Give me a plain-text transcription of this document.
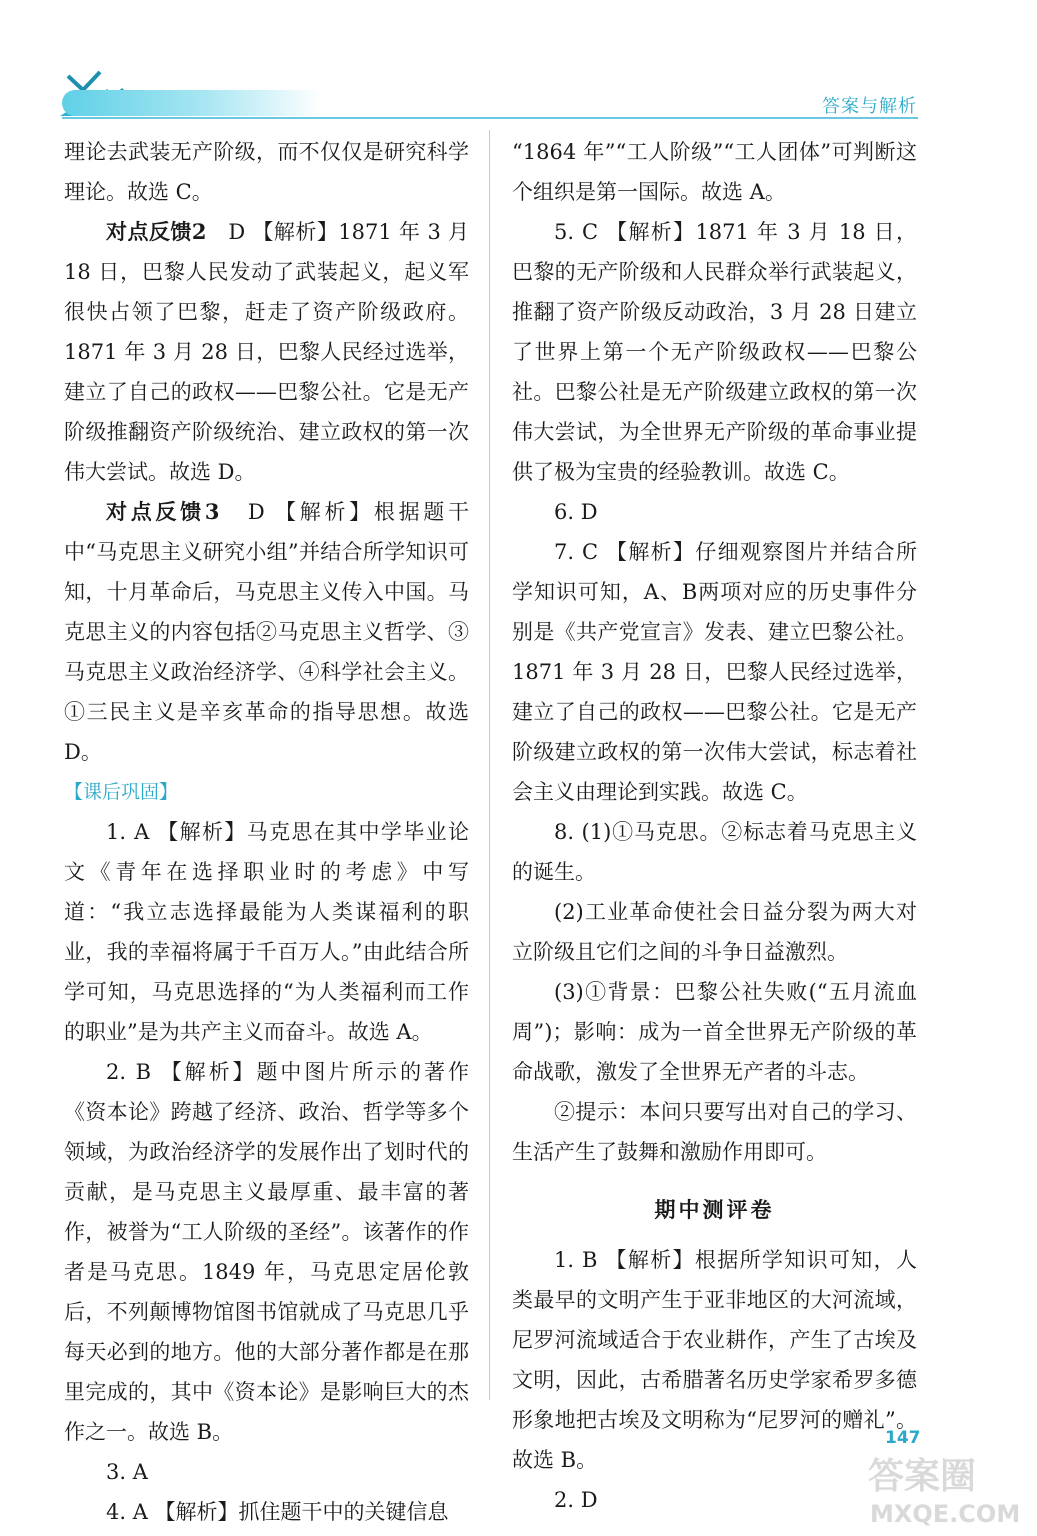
答案与解析

理论去武装无产阶级，而不仅仅是研究科学理论。故选 C。

对点反馈2　D 【解析】1871 年 3 月 18 日，巴黎人民发动了武装起义，起义军很快占领了巴黎，赶走了资产阶级政府。1871 年 3 月 28 日，巴黎人民经过选举，建立了自己的政权——巴黎公社。它是无产阶级推翻资产阶级统治、建立政权的第一次伟大尝试。故选 D。

对点反馈3　D 【解析】根据题干中“马克思主义研究小组”并结合所学知识可知，十月革命后，马克思主义传入中国。马克思主义的内容包括②马克思主义哲学、③马克思主义政治经济学、④科学社会主义。①三民主义是辛亥革命的指导思想。故选 D。

【课后巩固】

1. A 【解析】马克思在其中学毕业论文《青年在选择职业时的考虑》中写道：“我立志选择最能为人类谋福利的职业，我的幸福将属于千百万人。”由此结合所学可知，马克思选择的“为人类福利而工作的职业”是为共产主义而奋斗。故选 A。

2. B 【解析】题中图片所示的著作《资本论》跨越了经济、政治、哲学等多个领域，为政治经济学的发展作出了划时代的贡献，是马克思主义最厚重、最丰富的著作，被誉为“工人阶级的圣经”。该著作的作者是马克思。1849 年，马克思定居伦敦后，不列颠博物馆图书馆就成了马克思几乎每天必到的地方。他的大部分著作都是在那里完成的，其中《资本论》是影响巨大的杰作之一。故选 B。

3. A

4. A 【解析】抓住题干中的关键信息

“1864 年”“工人阶级”“工人团体”可判断这个组织是第一国际。故选 A。

5. C 【解析】1871 年 3 月 18 日，巴黎的无产阶级和人民群众举行武装起义，推翻了资产阶级反动政治，3 月 28 日建立了世界上第一个无产阶级政权——巴黎公社。巴黎公社是无产阶级建立政权的第一次伟大尝试，为全世界无产阶级的革命事业提供了极为宝贵的经验教训。故选 C。

6. D

7. C 【解析】仔细观察图片并结合所学知识可知，A、B两项对应的历史事件分别是《共产党宣言》发表、建立巴黎公社。1871 年 3 月 28 日，巴黎人民经过选举，建立了自己的政权——巴黎公社。它是无产阶级建立政权的第一次伟大尝试，标志着社会主义由理论到实践。故选 C。

8. (1)①马克思。②标志着马克思主义的诞生。

(2)工业革命使社会日益分裂为两大对立阶级且它们之间的斗争日益激烈。

(3)①背景：巴黎公社失败(“五月流血周”)；影响：成为一首全世界无产阶级的革命战歌，激发了全世界无产者的斗志。

②提示：本问只要写出对自己的学习、生活产生了鼓舞和激励作用即可。

期中测评卷

1. B 【解析】根据所学知识可知，人类最早的文明产生于亚非地区的大河流域，尼罗河流域适合于农业耕作，产生了古埃及文明，因此，古希腊著名历史学家希罗多德形象地把古埃及文明称为“尼罗河的赠礼”。故选 B。

2. D

147
答案圈
MXQE.COM
